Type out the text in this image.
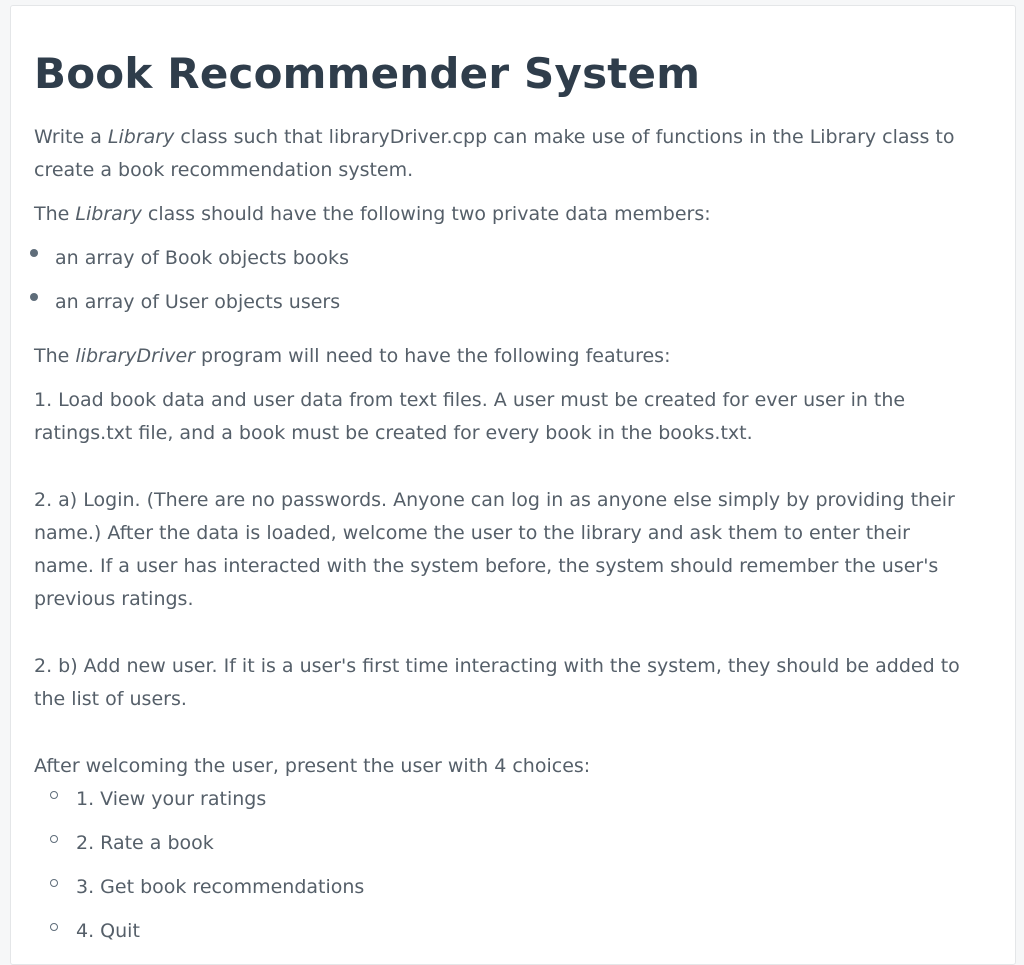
Book Recommender System

Write a Library class such that libraryDriver.cpp can make use of functions in the Library class to

create a book recommendation system.

The Library class should have the following two private data members:

an array of Book objects books

an array of User objects users

The libraryDriver program will need to have the following features:

1. Load book data and user data from text files. A user must be created for ever user in the

ratings.txt file, and a book must be created for every book in the books.txt.

2. a) Login. (There are no passwords. Anyone can log in as anyone else simply by providing their

name.) After the data is loaded, welcome the user to the library and ask them to enter their

name. If a user has interacted with the system before, the system should remember the user's

previous ratings.

2. b) Add new user. If it is a user's first time interacting with the system, they should be added to

the list of users.

After welcoming the user, present the user with 4 choices:

1. View your ratings

2. Rate a book

3. Get book recommendations

4. Quit
